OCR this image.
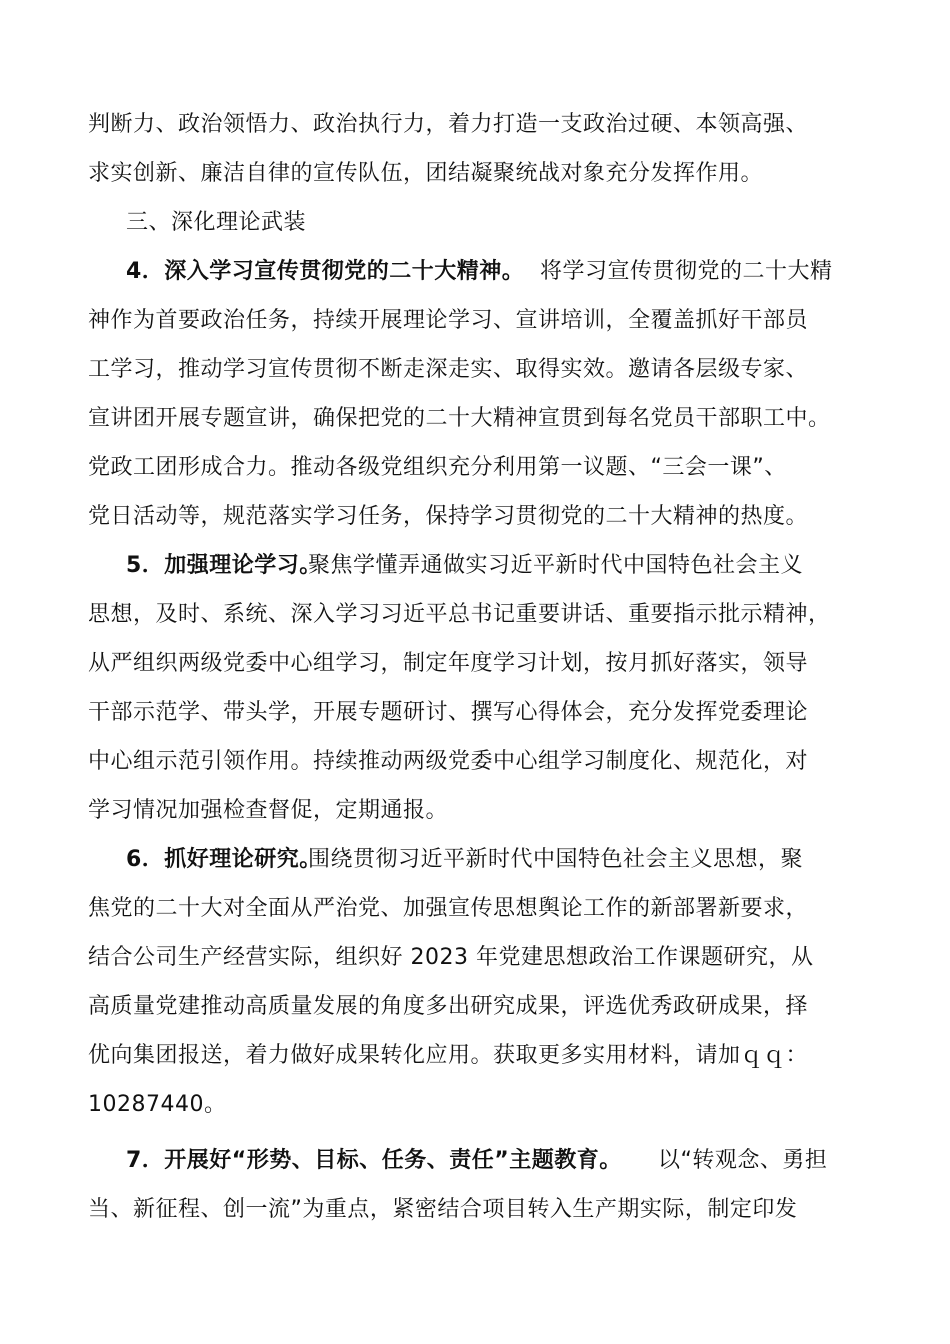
判断力、政治领悟力、政治执行力，着力打造一支政治过硬、本领高强、
求实创新、廉洁自律的宣传队伍，团结凝聚统战对象充分发挥作用。
三、深化理论武装
4．深入学习宣传贯彻党的二十大精神。 将学习宣传贯彻党的二十大精
神作为首要政治任务，持续开展理论学习、宣讲培训，全覆盖抓好干部员
工学习，推动学习宣传贯彻不断走深走实、取得实效。邀请各层级专家、
宣讲团开展专题宣讲，确保把党的二十大精神宣贯到每名党员干部职工中。
党政工团形成合力。推动各级党组织充分利用第一议题、“三会一课”、
党日活动等，规范落实学习任务，保持学习贯彻党的二十大精神的热度。
5．加强理论学习。
聚焦学懂弄通做实习近平新时代中国特色社会主义
思想，及时、系统、深入学习习近平总书记重要讲话、重要指示批示精神，
从严组织两级党委中心组学习，制定年度学习计划，按月抓好落实，领导
干部示范学、带头学，开展专题研讨、撰写心得体会，充分发挥党委理论
中心组示范引领作用。持续推动两级党委中心组学习制度化、规范化，对
学习情况加强检查督促，定期通报。
6．抓好理论研究。
围绕贯彻习近平新时代中国特色社会主义思想，聚
焦党的二十大对全面从严治党、加强宣传思想舆论工作的新部署新要求，
结合公司生产经营实际，组织好 2023 年党建思想政治工作课题研究，从
高质量党建推动高质量发展的角度多出研究成果，评选优秀政研成果，择
优向集团报送，着力做好成果转化应用。获取更多实用材料，请加ｑｑ：
10287440。
7．开展好“形势、目标、任务、责任”主题教育。 以“转观念、勇担
当、新征程、创一流”为重点，紧密结合项目转入生产期实际，制定印发
